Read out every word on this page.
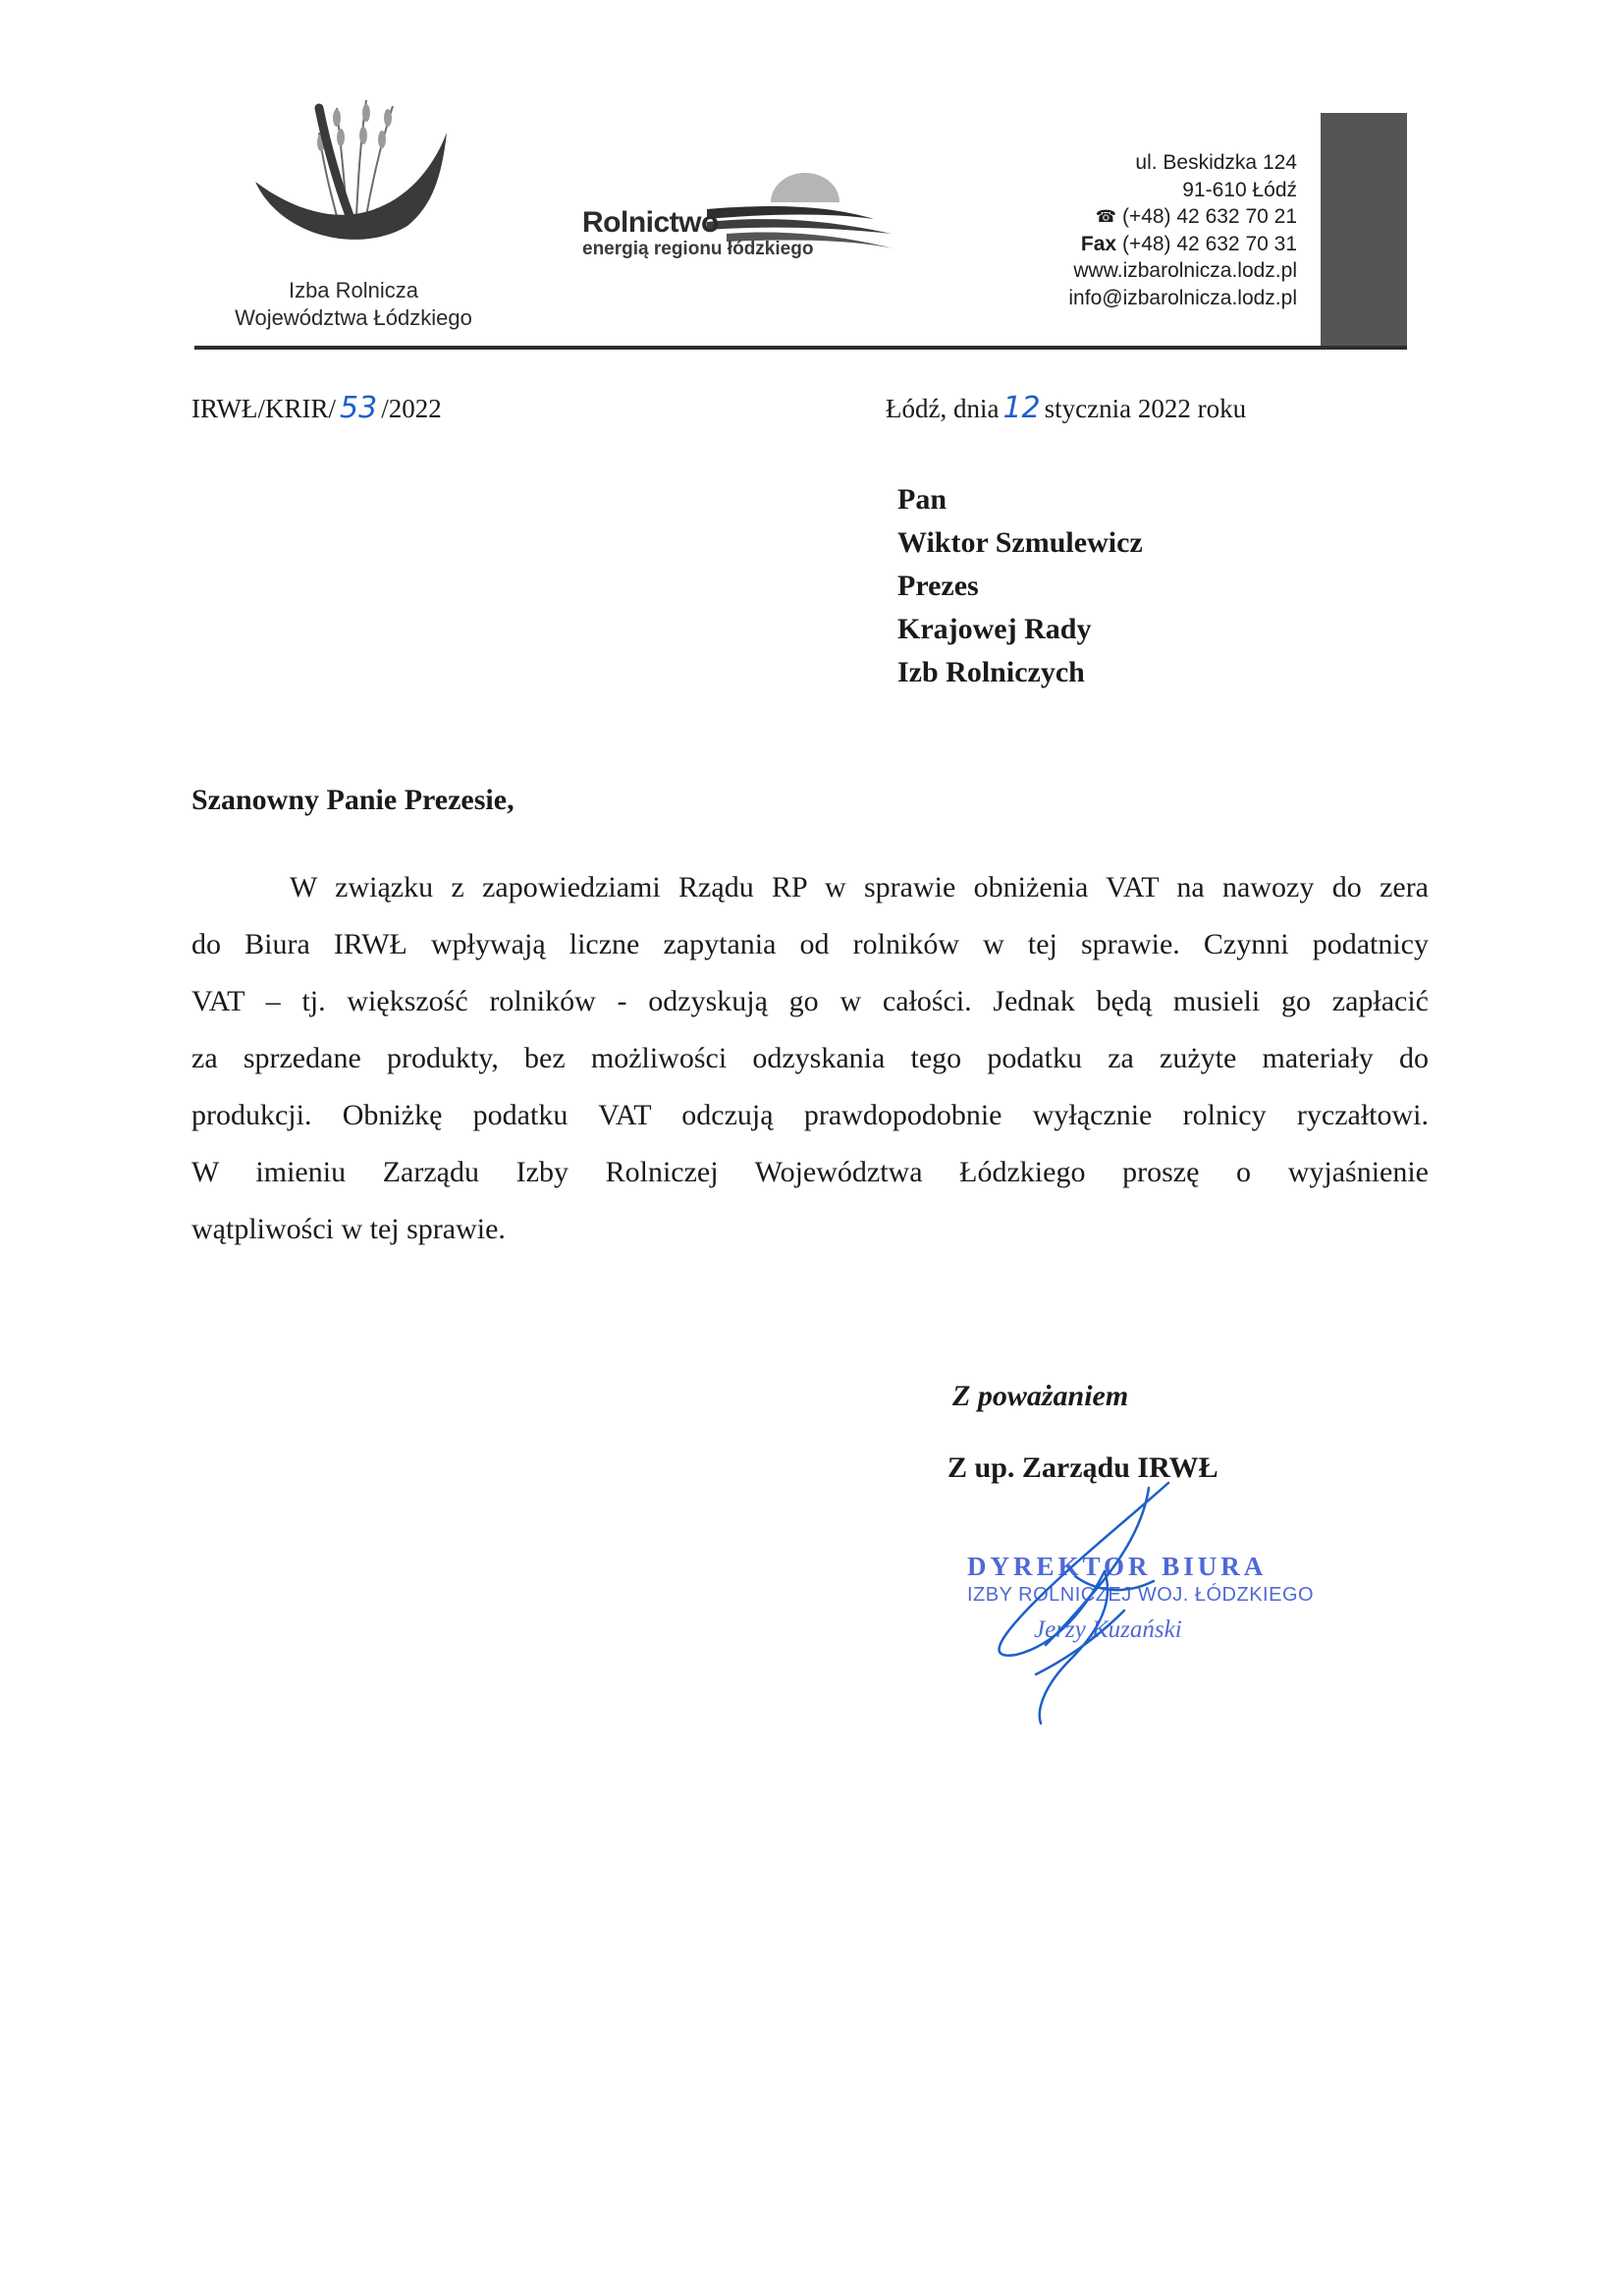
Izba Rolnicza
Województwa Łódzkiego
Rolnictwo
energią regionu łódzkiego
ul. Beskidzka 124
91-610 Łódź
☎ (+48) 42 632 70 21
Fax (+48) 42 632 70 31
www.izbarolnicza.lodz.pl
info@izbarolnicza.lodz.pl
IRWŁ/KRIR/ 53 /2022	Łódź, dnia 12 stycznia 2022 roku
Pan
Wiktor Szmulewicz
Prezes
Krajowej Rady
Izb Rolniczych
Szanowny Panie Prezesie,
W związku z zapowiedziami Rządu RP w sprawie obniżenia VAT na nawozy do zera
do Biura IRWŁ wpływają liczne zapytania od rolników w tej sprawie. Czynni podatnicy
VAT – tj. większość rolników - odzyskują go w całości. Jednak będą musieli go zapłacić
za sprzedane produkty, bez możliwości odzyskania tego podatku za zużyte materiały do
produkcji. Obniżkę podatku VAT odczują prawdopodobnie wyłącznie rolnicy ryczałtowi.
W imieniu Zarządu Izby Rolniczej Województwa Łódzkiego proszę o wyjaśnienie
wątpliwości w tej sprawie.
Z poważaniem
Z up. Zarządu IRWŁ
DYREKTOR BIURA
IZBY ROLNICZEJ WOJ. ŁÓDZKIEGO
Jerzy Kuzański
